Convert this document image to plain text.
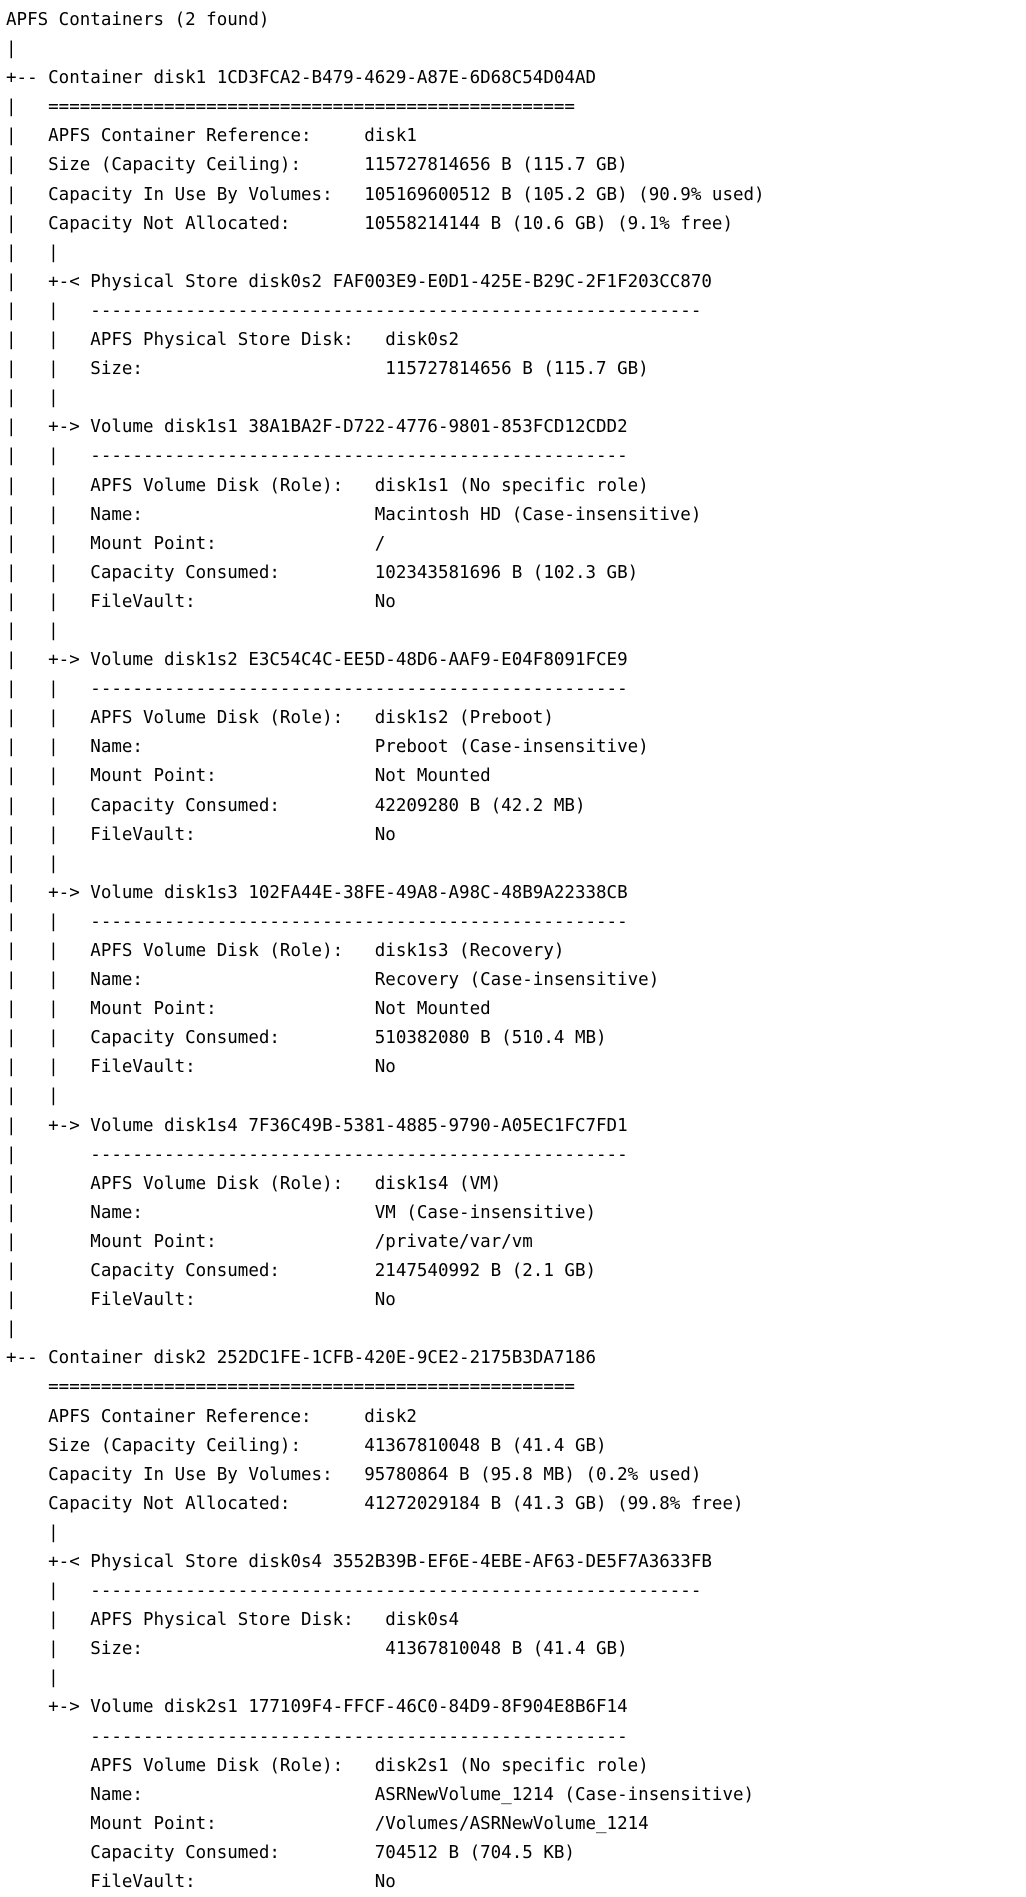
APFS Containers (2 found)
|
+-- Container disk1 1CD3FCA2-B479-4629-A87E-6D68C54D04AD
|   ==================================================
|   APFS Container Reference:     disk1
|   Size (Capacity Ceiling):      115727814656 B (115.7 GB)
|   Capacity In Use By Volumes:   105169600512 B (105.2 GB) (90.9% used)
|   Capacity Not Allocated:       10558214144 B (10.6 GB) (9.1% free)
|   |
|   +-< Physical Store disk0s2 FAF003E9-E0D1-425E-B29C-2F1F203CC870
|   |   ----------------------------------------------------------
|   |   APFS Physical Store Disk:   disk0s2
|   |   Size:                       115727814656 B (115.7 GB)
|   |
|   +-> Volume disk1s1 38A1BA2F-D722-4776-9801-853FCD12CDD2
|   |   ---------------------------------------------------
|   |   APFS Volume Disk (Role):   disk1s1 (No specific role)
|   |   Name:                      Macintosh HD (Case-insensitive)
|   |   Mount Point:               /
|   |   Capacity Consumed:         102343581696 B (102.3 GB)
|   |   FileVault:                 No
|   |
|   +-> Volume disk1s2 E3C54C4C-EE5D-48D6-AAF9-E04F8091FCE9
|   |   ---------------------------------------------------
|   |   APFS Volume Disk (Role):   disk1s2 (Preboot)
|   |   Name:                      Preboot (Case-insensitive)
|   |   Mount Point:               Not Mounted
|   |   Capacity Consumed:         42209280 B (42.2 MB)
|   |   FileVault:                 No
|   |
|   +-> Volume disk1s3 102FA44E-38FE-49A8-A98C-48B9A22338CB
|   |   ---------------------------------------------------
|   |   APFS Volume Disk (Role):   disk1s3 (Recovery)
|   |   Name:                      Recovery (Case-insensitive)
|   |   Mount Point:               Not Mounted
|   |   Capacity Consumed:         510382080 B (510.4 MB)
|   |   FileVault:                 No
|   |
|   +-> Volume disk1s4 7F36C49B-5381-4885-9790-A05EC1FC7FD1
|       ---------------------------------------------------
|       APFS Volume Disk (Role):   disk1s4 (VM)
|       Name:                      VM (Case-insensitive)
|       Mount Point:               /private/var/vm
|       Capacity Consumed:         2147540992 B (2.1 GB)
|       FileVault:                 No
|
+-- Container disk2 252DC1FE-1CFB-420E-9CE2-2175B3DA7186
==================================================
APFS Container Reference:     disk2
Size (Capacity Ceiling):      41367810048 B (41.4 GB)
Capacity In Use By Volumes:   95780864 B (95.8 MB) (0.2% used)
Capacity Not Allocated:       41272029184 B (41.3 GB) (99.8% free)
|
+-< Physical Store disk0s4 3552B39B-EF6E-4EBE-AF63-DE5F7A3633FB
|   ----------------------------------------------------------
|   APFS Physical Store Disk:   disk0s4
|   Size:                       41367810048 B (41.4 GB)
|
+-> Volume disk2s1 177109F4-FFCF-46C0-84D9-8F904E8B6F14
---------------------------------------------------
APFS Volume Disk (Role):   disk2s1 (No specific role)
Name:                      ASRNewVolume_1214 (Case-insensitive)
Mount Point:               /Volumes/ASRNewVolume_1214
Capacity Consumed:         704512 B (704.5 KB)
FileVault:                 No
